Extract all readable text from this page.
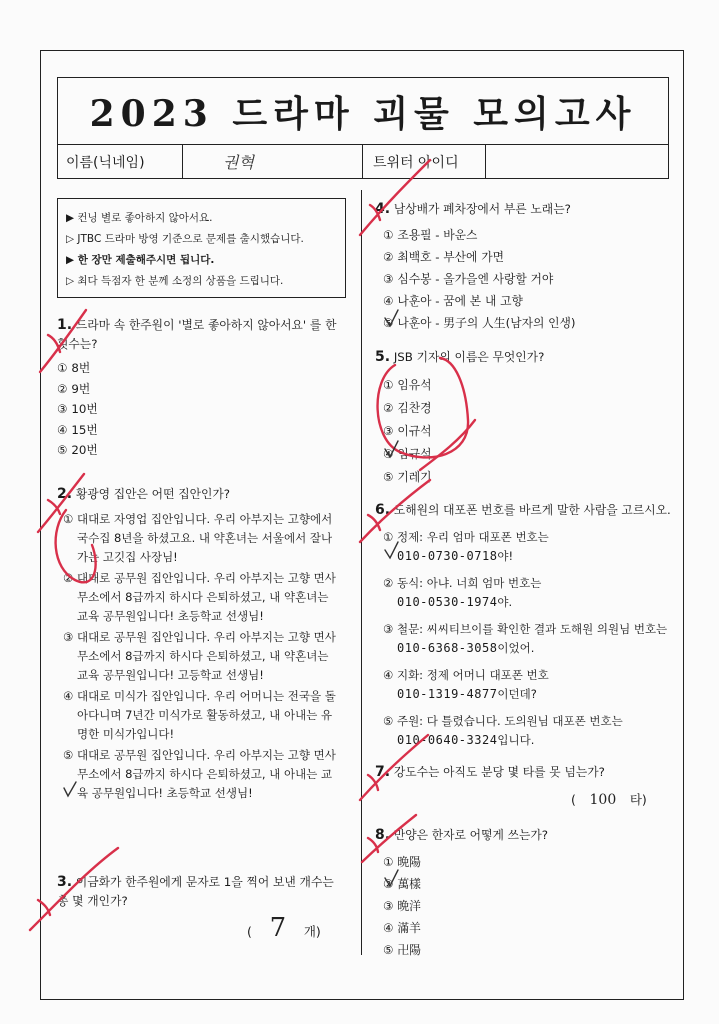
2023 드라마 괴물 모의고사
이름(닉네임)	권혁	트위터 아이디
▶ 컨닝 별로 좋아하지 않아서요.
▷ JTBC 드라마 방영 기준으로 문제를 출시했습니다.
▶ 한 장만 제출해주시면 됩니다.
▷ 최다 득점자 한 분께 소정의 상품을 드립니다.
1. 드라마 속 한주원이 '별로 좋아하지 않아서요' 를 한 횟수는?
① 8번
② 9번
③ 10번
④ 15번
⑤ 20번
2. 황광영 집안은 어떤 집안인가?
① 대대로 자영업 집안입니다. 우리 아부지는 고향에서 국수집 8년을 하셨고요. 내 약혼녀는 서울에서 잘나가는 고깃집 사장님!
② 대대로 공무원 집안입니다. 우리 아부지는 고향 면사무소에서 8급까지 하시다 은퇴하셨고, 내 약혼녀는 교육 공무원입니다! 초등학교 선생님!
③ 대대로 공무원 집안입니다. 우리 아부지는 고향 면사무소에서 8급까지 하시다 은퇴하셨고, 내 약혼녀는 교육 공무원입니다! 고등학교 선생님!
④ 대대로 미식가 집안입니다. 우리 어머니는 전국을 돌아다니며 7년간 미식가로 활동하셨고, 내 아내는 유명한 미식가입니다!
⑤ 대대로 공무원 집안입니다. 우리 아부지는 고향 면사무소에서 8급까지 하시다 은퇴하셨고, 내 아내는 교육 공무원입니다! 초등학교 선생님!
3. 이금화가 한주원에게 문자로 1을 찍어 보낸 개수는 총 몇 개인가?
( 7 개)
4. 남상배가 폐차장에서 부른 노래는?
① 조용필 - 바운스
② 최백호 - 부산에 가면
③ 심수봉 - 올가을엔 사랑할 거야
④ 나훈아 - 꿈에 본 내 고향
⑤ 나훈아 - 男子의 人生(남자의 인생)
5. JSB 기자의 이름은 무엇인가?
① 임유석
② 김찬경
③ 이규석
④ 임규석
⑤ 기레기
6. 도해원의 대포폰 번호를 바르게 말한 사람을 고르시오.
① 정제: 우리 엄마 대포폰 번호는
010-0730-0718야!
② 동식: 아냐. 너희 엄마 번호는
010-0530-1974야.
③ 철문: 씨씨티브이를 확인한 결과 도해원 의원님 번호는 010-6368-3058이었어.
④ 지화: 정제 어머니 대포폰 번호
010-1319-4877이던데?
⑤ 주원: 다 틀렸습니다. 도의원님 대포폰 번호는
010-0640-3324입니다.
7. 강도수는 아직도 분당 몇 타를 못 넘는가?
( 100 타)
8. 만양은 한자로 어떻게 쓰는가?
① 晩陽
② 萬樣
③ 晩洋
④ 滿羊
⑤ 卍陽
